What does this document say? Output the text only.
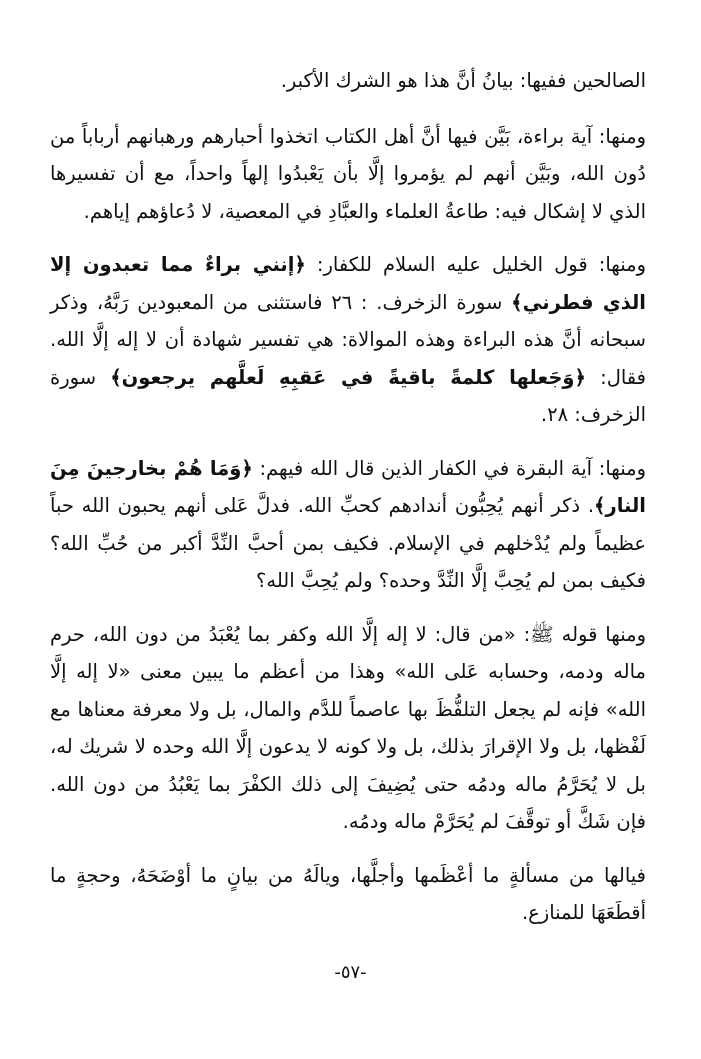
الصالحين ففيها: بيانُ أنَّ هذا هو الشرك الأكبر.

ومنها: آية براءة، بَيَّن فيها أنَّ أهل الكتاب اتخذوا أحبارهم ورهبانهم أرباباً من دُون الله، وبَيَّن أنهم لم يؤمروا إلَّا بأن يَعْبدُوا إلهاً واحداً، مع أن تفسيرها الذي لا إشكال فيه: طاعةُ العلماء والعبَّادِ في المعصية، لا دُعاؤهم إياهم.

ومنها: قول الخليل عليه السلام للكفار: ﴿إنني براءٌ مما تعبدون إلا الذي فطرني﴾ سورة الزخرف. : ٢٦ فاستثنى من المعبودين رَبَّهُ، وذكر سبحانه أنَّ هذه البراءة وهذه الموالاة: هي تفسير شهادة أن لا إله إلَّا الله. فقال: ﴿وَجَعلها كلمةً باقيةً في عَقبِهِ لَعلَّهم يرجعون﴾ سورة الزخرف: ٢٨.

ومنها: آية البقرة في الكفار الذين قال الله فيهم: ﴿وَمَا هُمْ بخارجينَ مِنَ النار﴾. ذكر أنهم يُحِبُّون أندادهم كحبِّ الله. فدلَّ عَلى أنهم يحبون الله حباً عظيماً ولم يُدْخلهم في الإسلام. فكيف بمن أحبَّ النِّدَّ أكبر من حُبِّ الله؟ فكيف بمن لم يُحِبَّ إلَّا النِّدَّ وحده؟ ولم يُحِبَّ الله؟

ومنها قوله ﷺ: «من قال: لا إله إلَّا الله وكفر بما يُعْبَدُ من دون الله، حرم ماله ودمه، وحسابه عَلى الله» وهذا من أعظم ما يبين معنى «لا إله إلَّا الله» فإنه لم يجعل التلفُّظَ بها عاصماً للدَّم والمال، بل ولا معرفة معناها مع لَفْظها، بل ولا الإقرارَ بذلك، بل ولا كونه لا يدعون إلَّا الله وحده لا شريك له، بل لا يُحَرَّمُ ماله ودمُه حتى يُضِيفَ إلى ذلك الكفْرَ بما يَعْبُدُ من دون الله. فإن شَكَّ أو توقَّفَ لم يُحَرَّمْ ماله ودمُه.

فيالها من مسألةٍ ما أعْظَمها وأجلَّها، ويالَهُ من بيانٍ ما أوْضَحَهُ، وحجةٍ ما أقطَعَهَا للمنازع.

-٥٧-
